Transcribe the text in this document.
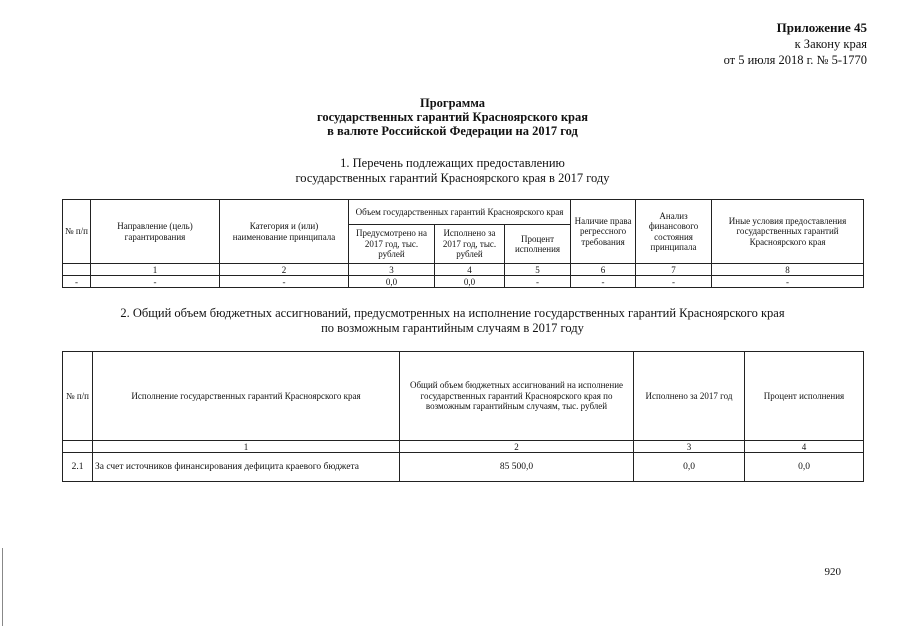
Приложение 45
к Закону края
от 5 июля 2018 г. № 5-1770
Программа
государственных гарантий Красноярского края
в валюте Российской Федерации на 2017 год
1. Перечень подлежащих предоставлению
государственных гарантий Красноярского края в 2017 году
№ п/п	Направление (цель) гарантирования	Категория и (или) наименование принципала	Объем государственных гарантий Красноярского края			Наличие права регрессного требования	Анализ финансового состояния принципала	Иные условия предоставления государственных гарантий Красноярского края
			Предусмотрено на 2017 год, тыс. рублей	Исполнено за 2017 год, тыс. рублей	Процент исполнения			
	1	2	3	4	5	6	7	8
-	-	-	0,0	0,0	-	-	-	-
2. Общий объем бюджетных ассигнований, предусмотренных на исполнение государственных гарантий Красноярского края
по возможным гарантийным случаям в 2017 году
№ п/п	Исполнение государственных гарантий Красноярского края	Общий объем бюджетных ассигнований на исполнение государственных гарантий Красноярского края по возможным гарантийным случаям, тыс. рублей	Исполнено за 2017 год	Процент исполнения
	1	2	3	4
2.1	За счет источников финансирования дефицита краевого бюджета	85 500,0	0,0	0,0
920
